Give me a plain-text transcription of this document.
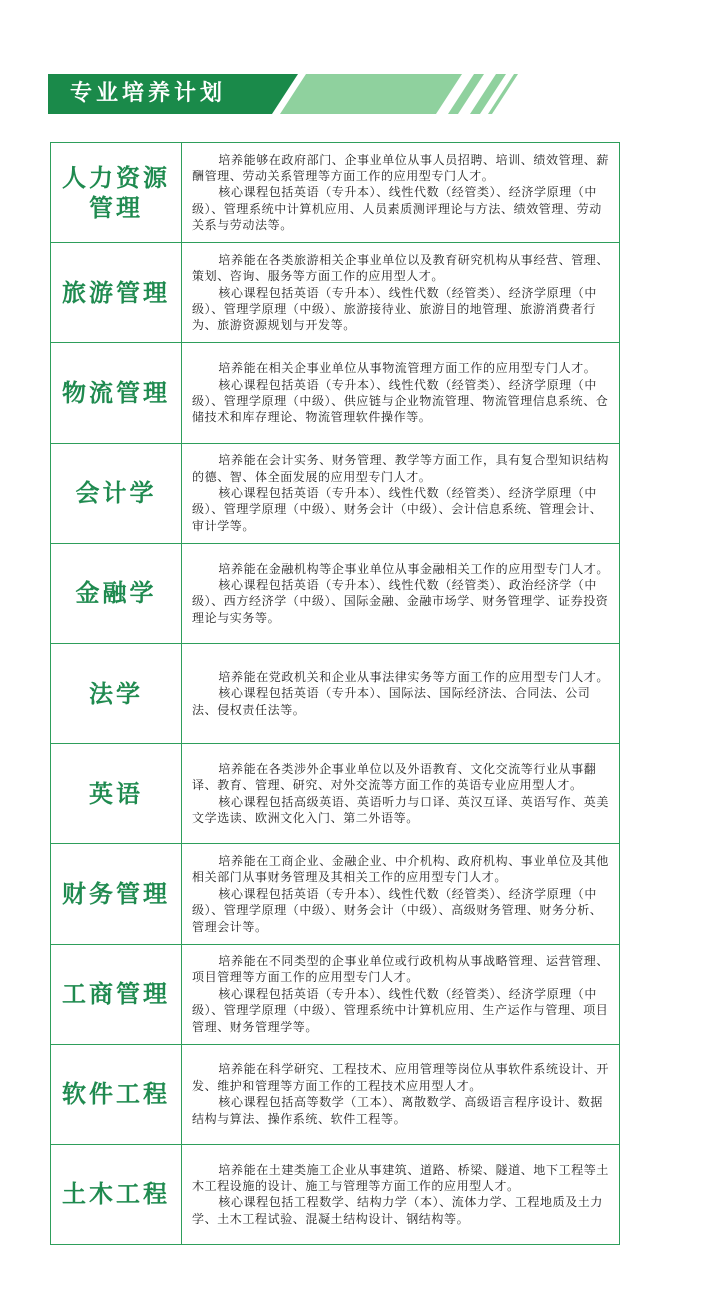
专业培养计划
人力资源管理

培养能够在政府部门、企事业单位从事人员招聘、培训、绩效管理、薪酬管理、劳动关系管理等方面工作的应用型专门人才。

核心课程包括英语（专升本）、线性代数（经管类）、经济学原理（中级）、管理系统中计算机应用、人员素质测评理论与方法、绩效管理、劳动关系与劳动法等。

旅游管理

培养能在各类旅游相关企事业单位以及教育研究机构从事经营、管理、策划、咨询、服务等方面工作的应用型人才。

核心课程包括英语（专升本）、线性代数（经管类）、经济学原理（中级）、管理学原理（中级）、旅游接待业、旅游目的地管理、旅游消费者行为、旅游资源规划与开发等。

物流管理

培养能在相关企事业单位从事物流管理方面工作的应用型专门人才。

核心课程包括英语（专升本）、线性代数（经管类）、经济学原理（中级）、管理学原理（中级）、供应链与企业物流管理、物流管理信息系统、仓储技术和库存理论、物流管理软件操作等。

会计学

培养能在会计实务、财务管理、教学等方面工作，具有复合型知识结构的德、智、体全面发展的应用型专门人才。

核心课程包括英语（专升本）、线性代数（经管类）、经济学原理（中级）、管理学原理（中级）、财务会计（中级）、会计信息系统、管理会计、审计学等。

金融学

培养能在金融机构等企事业单位从事金融相关工作的应用型专门人才。

核心课程包括英语（专升本）、线性代数（经管类）、政治经济学（中级）、西方经济学（中级）、国际金融、金融市场学、财务管理学、证券投资理论与实务等。

法学

培养能在党政机关和企业从事法律实务等方面工作的应用型专门人才。

核心课程包括英语（专升本）、国际法、国际经济法、合同法、公司法、侵权责任法等。

英语

培养能在各类涉外企事业单位以及外语教育、文化交流等行业从事翻译、教育、管理、研究、对外交流等方面工作的英语专业应用型人才。

核心课程包括高级英语、英语听力与口译、英汉互译、英语写作、英美文学选读、欧洲文化入门、第二外语等。

财务管理

培养能在工商企业、金融企业、中介机构、政府机构、事业单位及其他相关部门从事财务管理及其相关工作的应用型专门人才。

核心课程包括英语（专升本）、线性代数（经管类）、经济学原理（中级）、管理学原理（中级）、财务会计（中级）、高级财务管理、财务分析、管理会计等。

工商管理

培养能在不同类型的企事业单位或行政机构从事战略管理、运营管理、项目管理等方面工作的应用型专门人才。

核心课程包括英语（专升本）、线性代数（经管类）、经济学原理（中级）、管理学原理（中级）、管理系统中计算机应用、生产运作与管理、项目管理、财务管理学等。

软件工程

培养能在科学研究、工程技术、应用管理等岗位从事软件系统设计、开发、维护和管理等方面工作的工程技术应用型人才。

核心课程包括高等数学（工本）、离散数学、高级语言程序设计、数据结构与算法、操作系统、软件工程等。

土木工程

培养能在土建类施工企业从事建筑、道路、桥梁、隧道、地下工程等土木工程设施的设计、施工与管理等方面工作的应用型人才。

核心课程包括工程数学、结构力学（本）、流体力学、工程地质及土力学、土木工程试验、混凝土结构设计、钢结构等。
